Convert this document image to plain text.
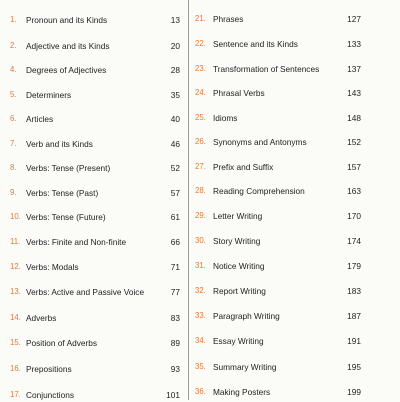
1. Pronoun and its Kinds	13
2. Adjective and its Kinds	20
4. Degrees of Adjectives	28
5. Determiners	35
6. Articles	40
7. Verb and its Kinds	46
8. Verbs: Tense (Present)	52
9. Verbs: Tense (Past)	57
10. Verbs: Tense (Future)	61
11. Verbs: Finite and Non-finite	66
12. Verbs: Modals	71
13. Verbs: Active and Passive Voice	77
14. Adverbs	83
15. Position of Adverbs	89
16. Prepositions	93
17. Conjunctions	101
21. Phrases	127
22. Sentence and its Kinds	133
23. Transformation of Sentences	137
24. Phrasal Verbs	143
25. Idioms	148
26. Synonyms and Antonyms	152
27. Prefix and Suffix	157
28. Reading Comprehension	163
29. Letter Writing	170
30. Story Writing	174
31. Notice Writing	179
32. Report Writing	183
33. Paragraph Writing	187
34. Essay Writing	191
35. Summary Writing	195
36. Making Posters	199
